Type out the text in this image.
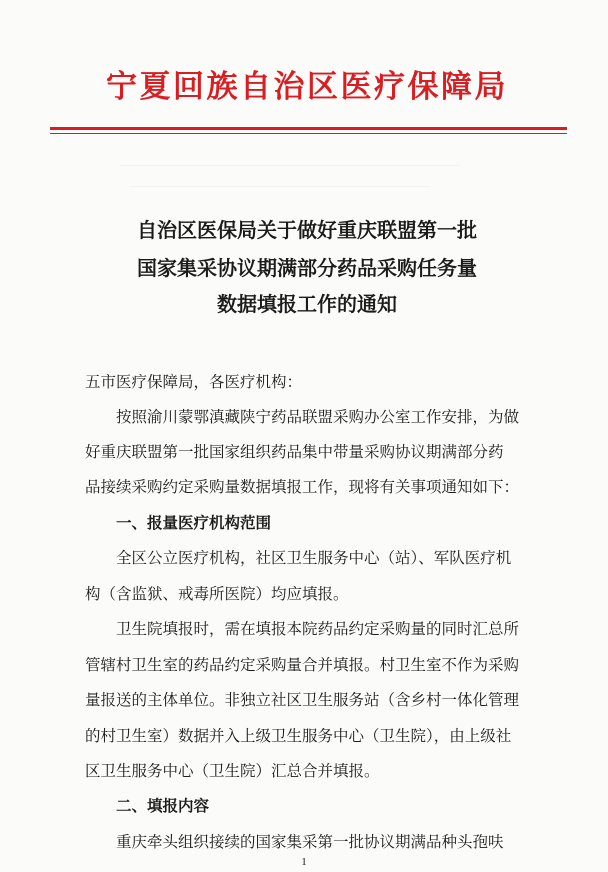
宁夏回族自治区医疗保障局
自治区医保局关于做好重庆联盟第一批
国家集采协议期满部分药品采购任务量
数据填报工作的通知
五市医疗保障局，各医疗机构：
按照渝川蒙鄂滇藏陕宁药品联盟采购办公室工作安排，为做
好重庆联盟第一批国家组织药品集中带量采购协议期满部分药
品接续采购约定采购量数据填报工作，现将有关事项通知如下：
一、报量医疗机构范围
全区公立医疗机构，社区卫生服务中心（站）、军队医疗机
构（含监狱、戒毒所医院）均应填报。
卫生院填报时，需在填报本院药品约定采购量的同时汇总所
管辖村卫生室的药品约定采购量合并填报。村卫生室不作为采购
量报送的主体单位。非独立社区卫生服务站（含乡村一体化管理
的村卫生室）数据并入上级卫生服务中心（卫生院），由上级社
区卫生服务中心（卫生院）汇总合并填报。
二、填报内容
重庆牵头组织接续的国家集采第一批协议期满品种头孢呋
1
